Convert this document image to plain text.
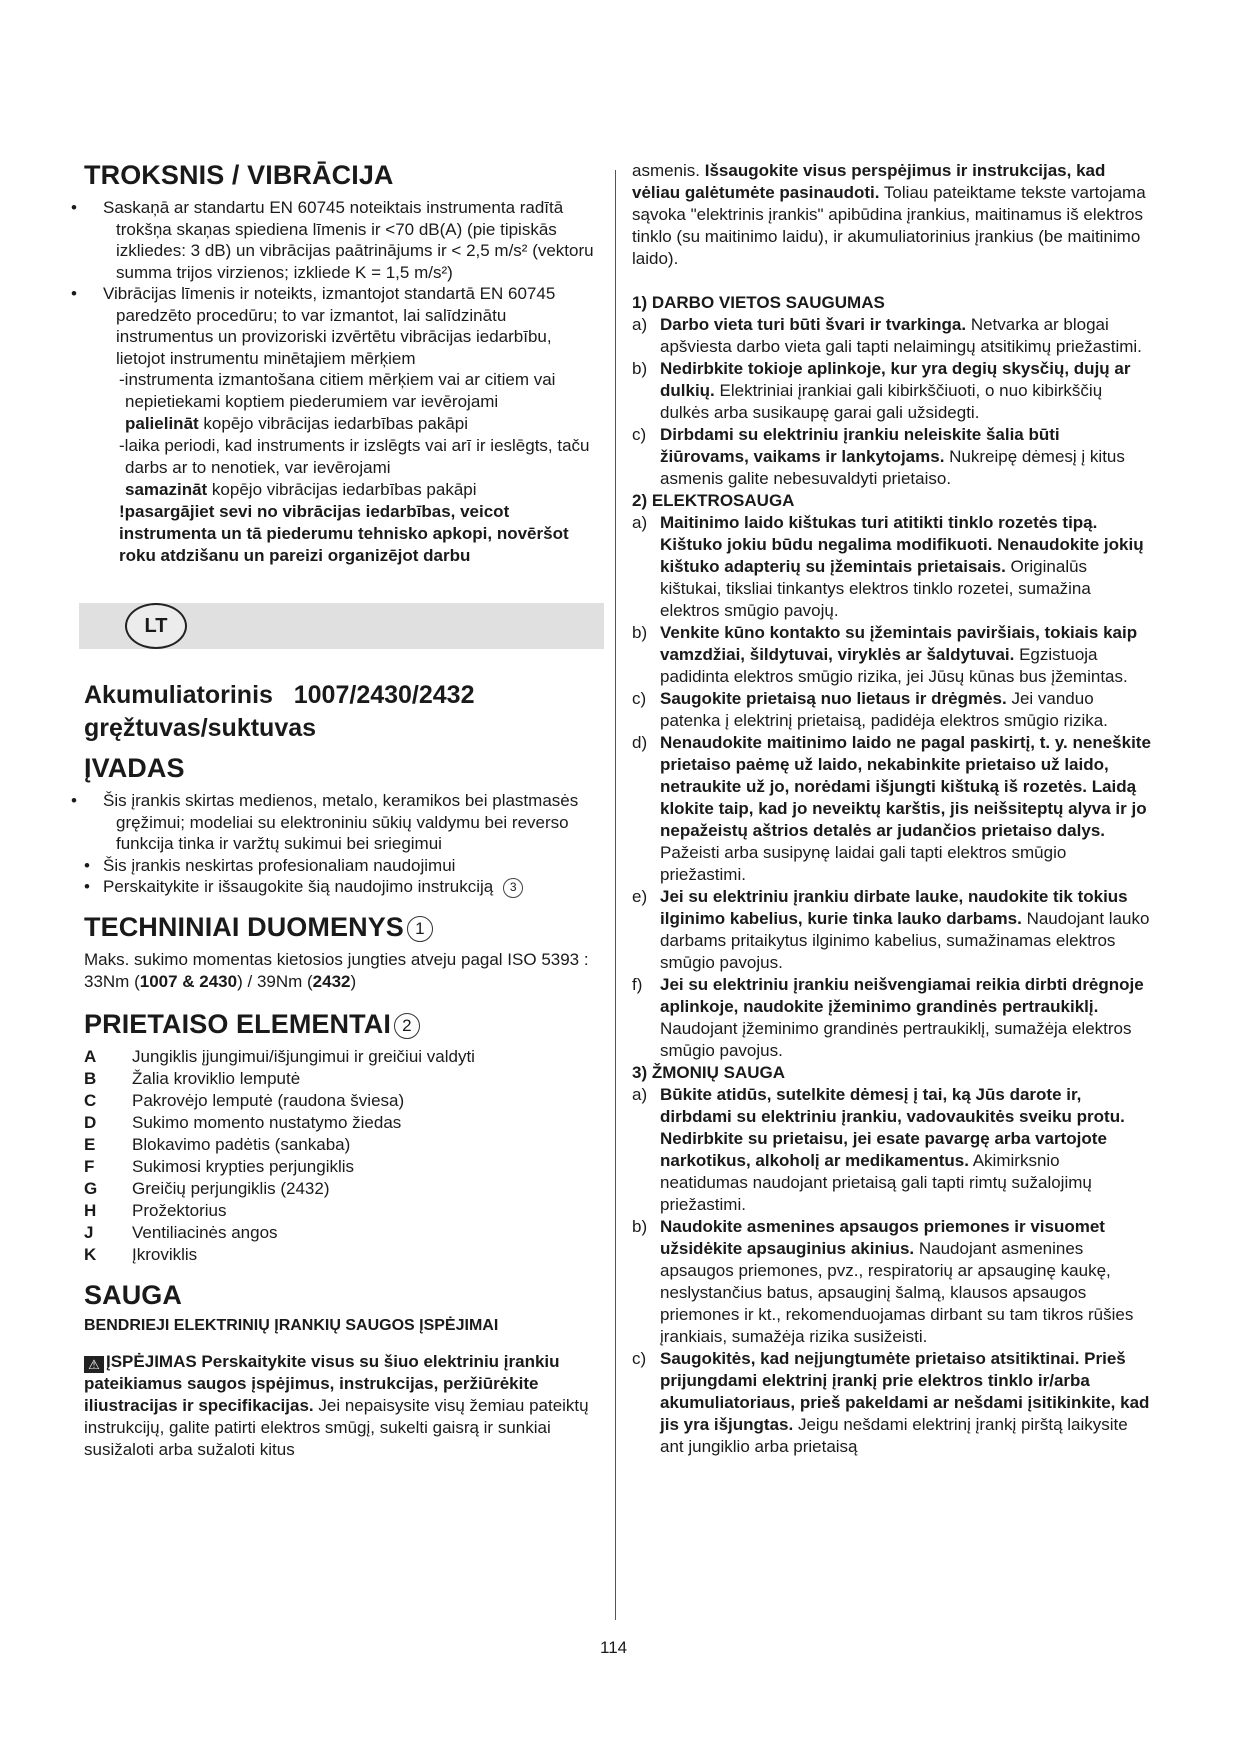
TROKSNIS / VIBRĀCIJA
• Saskaņā ar standartu EN 60745 noteiktais instrumenta radītā trokšņa skaņas spiediena līmenis ir <70 dB(A) (pie tipiskās izkliedes: 3 dB) un vibrācijas paātrinājums ir < 2,5 m/s² (vektoru summa trijos virzienos; izkliede K = 1,5 m/s²)
• Vibrācijas līmenis ir noteikts, izmantojot standartā EN 60745 paredzēto procedūru; to var izmantot, lai salīdzinātu instrumentus un provizoriski izvērtētu vibrācijas iedarbību, lietojot instrumentu minētajiem mērķiem
-instrumenta izmantošana citiem mērķiem vai ar citiem vai nepietiekami koptiem piederumiem var ievērojami
palielināt kopējo vibrācijas iedarbības pakāpi
-laika periodi, kad instruments ir izslēgts vai arī ir ieslēgts, taču darbs ar to nenotiek, var ievērojami
samazināt kopējo vibrācijas iedarbības pakāpi
!pasargājiet sevi no vibrācijas iedarbības, veicot instrumenta un tā piederumu tehnisko apkopi, novēršot roku atdzišanu un pareizi organizējot darbu
LT
Akumuliatorinis   1007/2430/2432
gręžtuvas/suktuvas
ĮVADAS
• Šis įrankis skirtas medienos, metalo, keramikos bei plastmasės gręžimui; modeliai su elektroniniu sūkių valdymu bei reverso funkcija tinka ir varžtų sukimui bei sriegimui
• Šis įrankis neskirtas profesionaliam naudojimui
• Perskaitykite ir išsaugokite šią naudojimo instrukciją 3
TECHNINIAI DUOMENYS 1

Maks. sukimo momentas kietosios jungties atveju pagal ISO 5393 : 33Nm (1007 & 2430) / 39Nm (2432)

PRIETAISO ELEMENTAI 2
A	Jungiklis įjungimui/išjungimui ir greičiui valdyti
B	Žalia kroviklio lemputė
C	Pakrovėjo lemputė (raudona šviesa)
D	Sukimo momento nustatymo žiedas
E	Blokavimo padėtis (sankaba)
F	Sukimosi krypties perjungiklis
G	Greičių perjungiklis (2432)
H	Prožektorius
J	Ventiliacinės angos
K	Įkroviklis
SAUGA

BENDRIEJI ELEKTRINIŲ ĮRANKIŲ SAUGOS ĮSPĖJIMAI

⚠ ĮSPĖJIMAS Perskaitykite visus su šiuo elektriniu įrankiu pateikiamus saugos įspėjimus, instrukcijas, peržiūrėkite iliustracijas ir specifikacijas. Jei nepaisysite visų žemiau pateiktų instrukcijų, galite patirti elektros smūgį, sukelti gaisrą ir sunkiai susižaloti arba sužaloti kitus

asmenis. Išsaugokite visus perspėjimus ir instrukcijas, kad vėliau galėtumėte pasinaudoti. Toliau pateiktame tekste vartojama sąvoka "elektrinis įrankis" apibūdina įrankius, maitinamus iš elektros tinklo (su maitinimo laidu), ir akumuliatorinius įrankius (be maitinimo laido).

1) DARBO VIETOS SAUGUMAS

a) Darbo vieta turi būti švari ir tvarkinga. Netvarka ar blogai apšviesta darbo vieta gali tapti nelaimingų atsitikimų priežastimi.
b) Nedirbkite tokioje aplinkoje, kur yra degių skysčių, dujų ar dulkių. Elektriniai įrankiai gali kibirkščiuoti, o nuo kibirkščių dulkės arba susikaupę garai gali užsidegti.
c) Dirbdami su elektriniu įrankiu neleiskite šalia būti žiūrovams, vaikams ir lankytojams. Nukreipę dėmesį į kitus asmenis galite nebesuvaldyti prietaiso.

2) ELEKTROSAUGA

a) Maitinimo laido kištukas turi atitikti tinklo rozetės tipą. Kištuko jokiu būdu negalima modifikuoti. Nenaudokite jokių kištuko adapterių su įžemintais prietaisais. Originalūs kištukai, tiksliai tinkantys elektros tinklo rozetei, sumažina elektros smūgio pavojų.
b) Venkite kūno kontakto su įžemintais paviršiais, tokiais kaip vamzdžiai, šildytuvai, viryklės ar šaldytuvai. Egzistuoja padidinta elektros smūgio rizika, jei Jūsų kūnas bus įžemintas.
c) Saugokite prietaisą nuo lietaus ir drėgmės. Jei vanduo patenka į elektrinį prietaisą, padidėja elektros smūgio rizika.
d) Nenaudokite maitinimo laido ne pagal paskirtį, t. y. neneškite prietaiso paėmę už laido, nekabinkite prietaiso už laido, netraukite už jo, norėdami išjungti kištuką iš rozetės. Laidą klokite taip, kad jo neveiktų karštis, jis neišsiteptų alyva ir jo nepažeistų aštrios detalės ar judančios prietaiso dalys. Pažeisti arba susipynę laidai gali tapti elektros smūgio priežastimi.
e) Jei su elektriniu įrankiu dirbate lauke, naudokite tik tokius ilginimo kabelius, kurie tinka lauko darbams. Naudojant lauko darbams pritaikytus ilginimo kabelius, sumažinamas elektros smūgio pavojus.
f) Jei su elektriniu įrankiu neišvengiamai reikia dirbti drėgnoje aplinkoje, naudokite įžeminimo grandinės pertraukiklį. Naudojant įžeminimo grandinės pertraukiklį, sumažėja elektros smūgio pavojus.

3) ŽMONIŲ SAUGA

a) Būkite atidūs, sutelkite dėmesį į tai, ką Jūs darote ir, dirbdami su elektriniu įrankiu, vadovaukitės sveiku protu. Nedirbkite su prietaisu, jei esate pavargę arba vartojote narkotikus, alkoholį ar medikamentus. Akimirksnio neatidumas naudojant prietaisą gali tapti rimtų sužalojimų priežastimi.
b) Naudokite asmenines apsaugos priemones ir visuomet užsidėkite apsauginius akinius. Naudojant asmenines apsaugos priemones, pvz., respiratorių ar apsauginę kaukę, neslystančius batus, apsauginį šalmą, klausos apsaugos priemones ir kt., rekomenduojamas dirbant su tam tikros rūšies įrankiais, sumažėja rizika susižeisti.
c) Saugokitės, kad neįjungtumėte prietaiso atsitiktinai. Prieš prijungdami elektrinį įrankį prie elektros tinklo ir/arba akumuliatoriaus, prieš pakeldami ar nešdami įsitikinkite, kad jis yra išjungtas. Jeigu nešdami elektrinį įrankį pirštą laikysite ant jungiklio arba prietaisą
114
